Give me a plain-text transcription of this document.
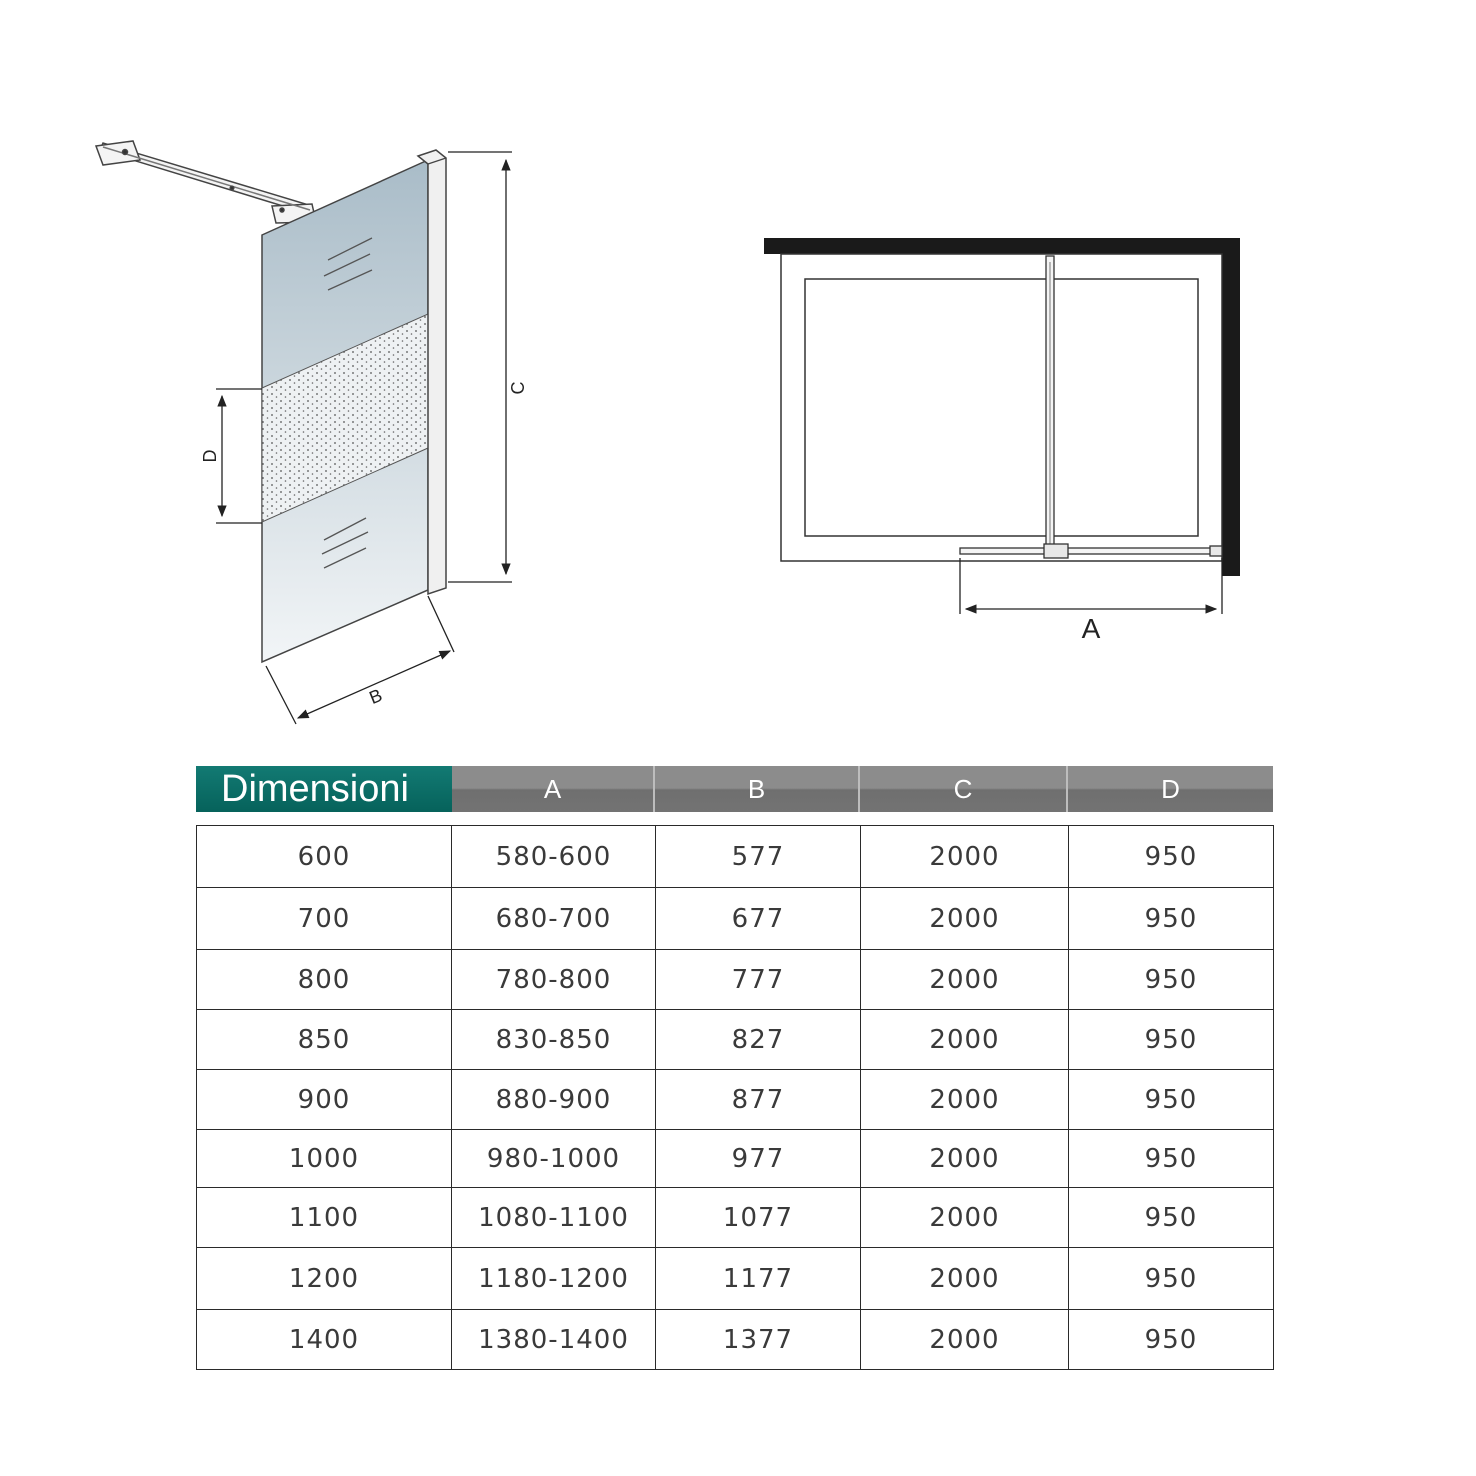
C
D
B
A
Dimensioni	A	B	C	D
600	580-600	577	2000	950
700	680-700	677	2000	950
800	780-800	777	2000	950
850	830-850	827	2000	950
900	880-900	877	2000	950
1000	980-1000	977	2000	950
1100	1080-1100	1077	2000	950
1200	1180-1200	1177	2000	950
1400	1380-1400	1377	2000	950
